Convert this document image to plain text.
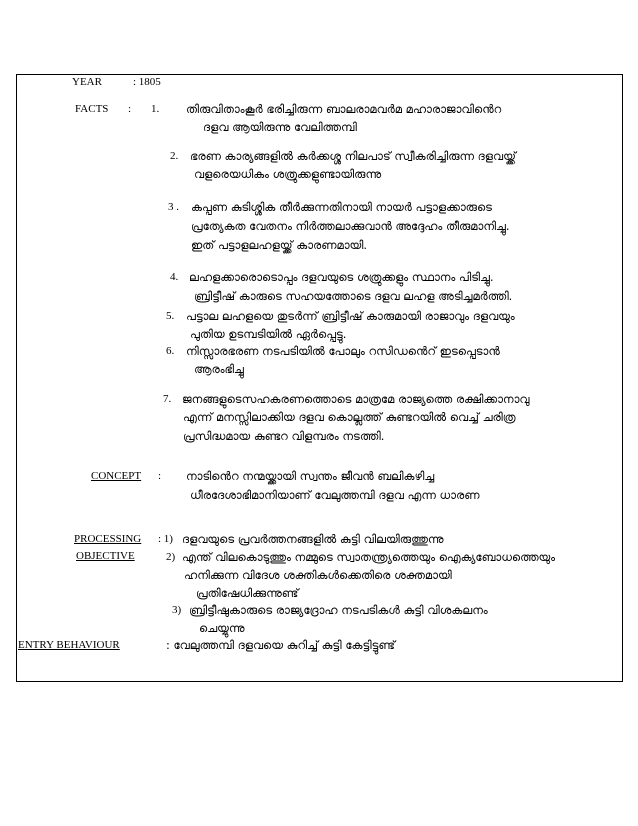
YEAR	: 1805
FACTS : 1. തിരുവിതാംകൂർ ഭരിച്ചിരുന്ന ബാലരാമവർമ മഹാരാജാവിൻെറ
ദളവ ആയിരുന്നു വേലിത്തമ്പി
2. ഭരണ കാര്യങ്ങളിൽ കർക്കശ്ശ നിലപാട് സ്വീകരിച്ചിരുന്ന ദളവയ്ക്ക്
വളരെയധികം ശത്രുക്കളുണ്ടായിരുന്നു
3 . കപ്പണ കുടിശ്ശിക തീർക്കുന്നതിനായി നായർ പട്ടാളക്കാരുടെ
പ്രത്യേകത വേതനം നിർത്തലാക്കുവാൻ അദ്ദേഹം തീരുമാനിച്ചു.
ഇത് പട്ടാളലഹളയ്ക്ക് കാരണമായി.
4. ലഹളക്കാരൊടൊപ്പം ദളവയുടെ ശത്രുക്കളും സ്ഥാനം പിടിച്ചു.
ബ്രിട്ടീഷ് കാരുടെ സഹയത്തോടെ ദളവ ലഹള അടിച്ചമർത്തി.
5. പട്ടാല ലഹളയെ തുടർന്ന് ബ്രിട്ടീഷ് കാരുമായി രാജാവും ദളവയും
പുതിയ ഉടമ്പടിയിൽ ഏർപ്പെട്ടു.
6. നിസ്സാരഭരണ നടപടിയിൽ പോലും റസിഡൻെറ് ഇടപ്പെടാൻ
ആരംഭിച്ചു
7. ജനങ്ങളുടെസഹകരണത്തൊടെ മാത്രമേ രാജ്യത്തെ രക്ഷിക്കാനാവു
എന്ന് മനസ്സിലാക്കിയ ദളവ കൊല്ലത്ത് കുണ്ടറയിൽ വെച്ച് ചരിത്ര
പ്രസിദ്ധമായ കുണ്ടറ വിളമ്പരം നടത്തി.
CONCEPT : നാടിൻെറ നന്മയ്ക്കായി സ്വന്തം ജീവൻ ബലികഴിച്ച
ധീരദേശാഭിമാനിയാണ് വേലുത്തമ്പി ദളവ എന്ന ധാരണ
PROCESSING
OBJECTIVE
: 1) ദളവയുടെ പ്രവർത്തനങ്ങളിൽ കുട്ടി വിലയിരുത്തുന്നു
2) എന്ത് വിലകൊടുത്തും നമ്മുടെ സ്വാതന്ത്ര്യത്തെയും ഐക്യബോധത്തെയും
ഹനിക്കുന്ന വിദേശ ശക്തികൾക്കെതിരെ ശക്തമായി
പ്രതിഷേധിക്കുന്നുണ്ട്
3) ബ്രിട്ടീഷുകാരുടെ രാജ്യദ്രോഹ നടപടികൾ കുട്ടി വിശകലനം
ചെയ്യുന്നു
ENTRY BEHAVIOUR	: വേലുത്തമ്പി ദളവയെ കുറിച്ച് കുട്ടി കേട്ടിട്ടുണ്ട്
